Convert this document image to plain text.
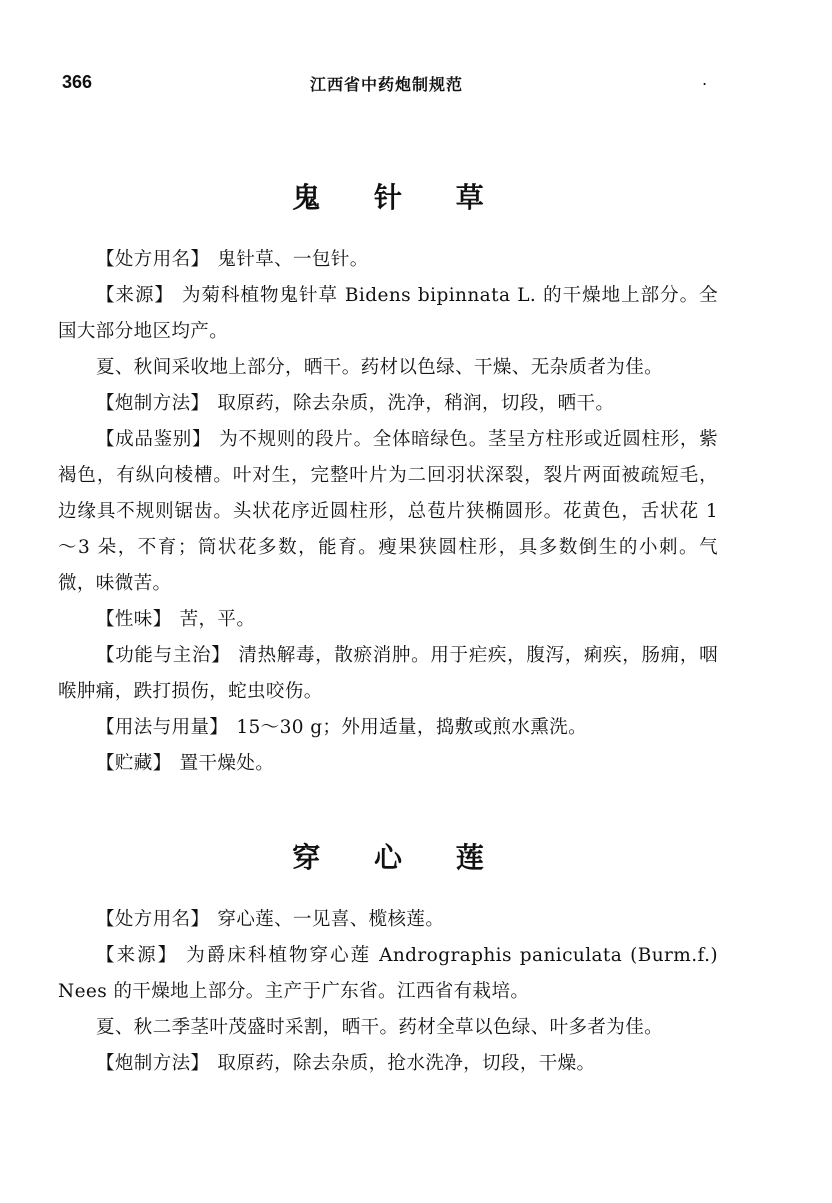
366	江西省中药炮制规范	.
鬼 针 草

【 处方用名 】 鬼针草、一包针。

【 来源 】 为菊科植物鬼针草 Bidens bipinnata L. 的干燥地上部分。全国大部分地区均产。

夏、秋间采收地上部分，晒干。药材以色绿、干燥、无杂质者为佳。

【 炮制方法 】 取原药，除去杂质，洗净，稍润，切段，晒干。

【 成品鉴别 】 为不规则的段片。全体暗绿色。茎呈方柱形或近圆柱形，紫褐色，有纵向棱槽。叶对生，完整叶片为二回羽状深裂，裂片两面被疏短毛，边缘具不规则锯齿。头状花序近圆柱形，总苞片狭椭圆形。花黄色，舌状花 1～3 朵，不育；筒状花多数，能育。瘦果狭圆柱形，具多数倒生的小刺。气微，味微苦。

【 性味 】 苦，平。

【 功能与主治 】 清热解毒，散瘀消肿。用于疟疾，腹泻，痢疾，肠痈，咽喉肿痛，跌打损伤，蛇虫咬伤。

【 用法与用量 】 15～30 g；外用适量，捣敷或煎水熏洗。

【 贮藏 】 置干燥处。

穿 心 莲

【 处方用名 】 穿心莲、一见喜、榄核莲。

【 来源 】 为爵床科植物穿心莲 Andrographis paniculata (Burm.f.) Nees 的干燥地上部分。主产于广东省。江西省有栽培。

夏、秋二季茎叶茂盛时采割，晒干。药材全草以色绿、叶多者为佳。

【 炮制方法 】 取原药，除去杂质，抢水洗净，切段，干燥。
